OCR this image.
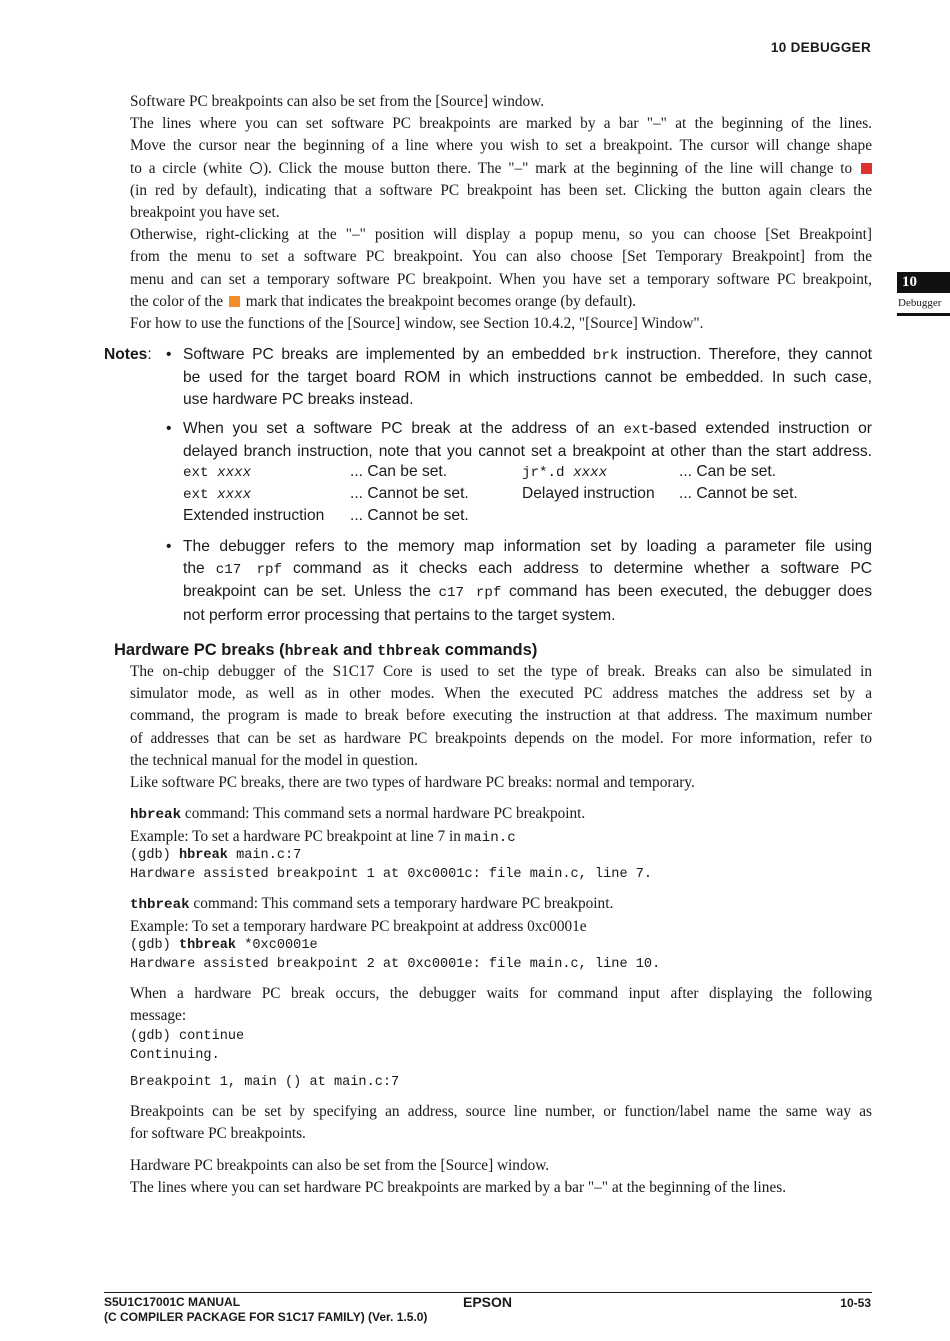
10 DEBUGGER
10
Debugger

Software PC breakpoints can also be set from the [Source] window.

The lines where you can set software PC breakpoints are marked by a bar "–" at the beginning of the lines.

Move the cursor near the beginning of a line where you wish to set a breakpoint. The cursor will change shape

to a circle (white ). Click the mouse button there. The "–" mark at the beginning of the line will change to

(in red by default), indicating that a software PC breakpoint has been set. Clicking the button again clears the

breakpoint you have set.

Otherwise, right-clicking at the "–" position will display a popup menu, so you can choose [Set Breakpoint]

from the menu to set a software PC breakpoint. You can also choose [Set Temporary Breakpoint] from the

menu and can set a temporary software PC breakpoint. When you have set a temporary software PC breakpoint,

the color of the mark that indicates the breakpoint becomes orange (by default).

For how to use the functions of the [Source] window, see Section 10.4.2, "[Source] Window".

Notes: • Software PC breaks are implemented by an embedded brk instruction. Therefore, they cannot

be used for the target board ROM in which instructions cannot be embedded. In such case,

use hardware PC breaks instead.

• When you set a software PC break at the address of an ext-based extended instruction or

delayed branch instruction, note that you cannot set a breakpoint at other than the start address.

ext xxxx	... Can be set.	jr*.d xxxx	... Can be set.
ext xxxx	... Cannot be set.	Delayed instruction ... Cannot be set.
Extended instruction ... Cannot be set.
• The debugger refers to the memory map information set by loading a parameter file using

the c17 rpf command as it checks each address to determine whether a software PC

breakpoint can be set. Unless the c17 rpf command has been executed, the debugger does

not perform error processing that pertains to the target system.

Hardware PC breaks (hbreak and thbreak commands)

The on-chip debugger of the S1C17 Core is used to set the type of break. Breaks can also be simulated in

simulator mode, as well as in other modes. When the executed PC address matches the address set by a

command, the program is made to break before executing the instruction at that address. The maximum number

of addresses that can be set as hardware PC breakpoints depends on the model. For more information, refer to

the technical manual for the model in question.

Like software PC breaks, there are two types of hardware PC breaks: normal and temporary.

hbreak command: This command sets a normal hardware PC breakpoint.

Example: To set a hardware PC breakpoint at line 7 in main.c

(gdb) hbreak main.c:7
Hardware assisted breakpoint 1 at 0xc0001c: file main.c, line 7.

thbreak command: This command sets a temporary hardware PC breakpoint.

Example: To set a temporary hardware PC breakpoint at address 0xc0001e

(gdb) thbreak *0xc0001e
Hardware assisted breakpoint 2 at 0xc0001e: file main.c, line 10.

When a hardware PC break occurs, the debugger waits for command input after displaying the following

message:

(gdb) continue
Continuing.
Breakpoint 1, main () at main.c:7

Breakpoints can be set by specifying an address, source line number, or function/label name the same way as

for software PC breakpoints.

Hardware PC breakpoints can also be set from the [Source] window.

The lines where you can set hardware PC breakpoints are marked by a bar "–" at the beginning of the lines.

S5U1C17001C MANUAL
(C COMPILER PACKAGE FOR S1C17 FAMILY) (Ver. 1.5.0)
EPSON	10-53
